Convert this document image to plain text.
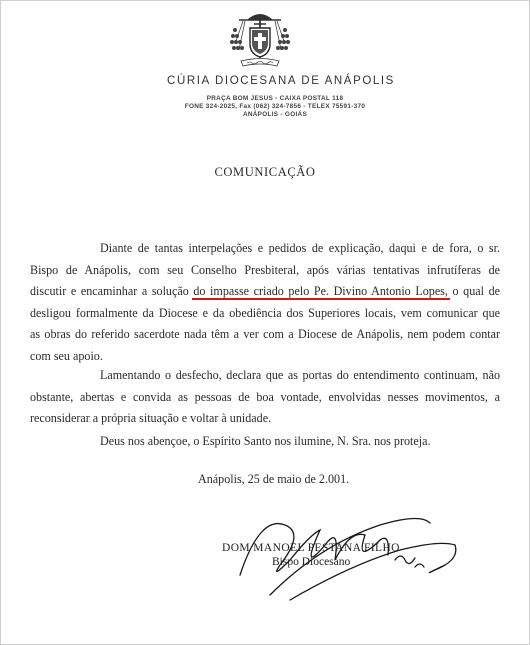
CÚRIA DIOCESANA DE ANÁPOLIS
PRAÇA BOM JESUS - CAIXA POSTAL 118
FONE 324-2025, Fax (062) 324-7856 - TELEX 75591-370
ANÁPOLIS - GOIÁS
COMUNICAÇÃO
Diante de tantas interpelações e pedidos de explicação, daqui e de fora, o sr.
Bispo de Anápolis, com seu Conselho Presbiteral, após várias tentativas infrutíferas de
discutir e encaminhar a solução do impasse criado pelo Pe. Divino Antonio Lopes, o qual de
desligou formalmente da Diocese e da obediência dos Superiores locais, vem comunicar que
as obras do referido sacerdote nada têm a ver com a Diocese de Anápolis, nem podem contar
com seu apoio.
Lamentando o desfecho, declara que as portas do entendimento continuam, não
obstante, abertas e convida as pessoas de boa vontade, envolvidas nesses movimentos, a
reconsiderar a própria situação e voltar à unidade.
Deus nos abençoe, o Espírito Santo nos ilumine, N. Sra. nos proteja.
Anápolis, 25 de maio de 2.001.
DOM MANOEL PESTANA FILHO
Bispo Diocesano
